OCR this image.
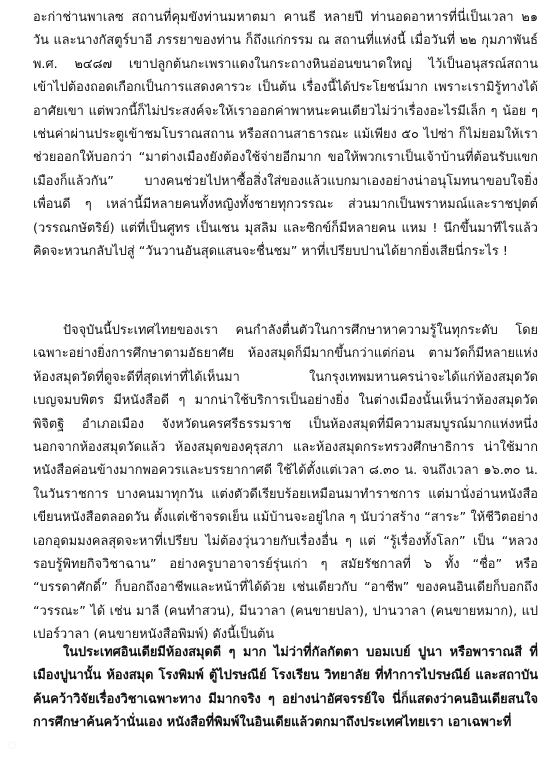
อะก่าช่านพาเลซ สถานที่คุมขังท่านมหาตมา คานธี หลายปี ท่านอดอาหารที่นี่เป็นเวลา ๒๑ วัน และนางกัสตูร์บาอี ภรรยาของท่าน ก็ถึงแก่กรรม ณ สถานที่แห่งนี้ เมื่อวันที่ ๒๒ กุมภาพันธ์ พ.ศ. ๒๔๘๗ เขาปลูกต้นกะเพราแดงในกระถางหินอ่อนขนาดใหญ่ ไว้เป็นอนุสรณ์สถาน เข้าไปต้องถอดเกือกเป็นการแสดงคารวะ เป็นต้น เรื่องนี้ได้ประโยชน์มาก เพราะเรามิรู้ทางได้อาศัยเขา แต่พวกนี้ก็ไม่ประสงค์จะให้เราออกค่าพาหนะคนเดียวไม่ว่าเรื่องอะไรมีเล็ก ๆ น้อย ๆ เช่นค่าผ่านประตูเข้าชมโบราณสถาน หรือสถานสาธารณะ แม้เพียง ๕๐ ไปซ่า ก็ไม่ยอมให้เราช่วยออกให้บอกว่า “มาต่างเมืองยังต้องใช้จ่ายอีกมาก ขอให้พวกเราเป็นเจ้าบ้านที่ต้อนรับแขกเมืองก็แล้วกัน” บางคนช่วยไปหาซื้อสิ่งใส่ของแล้วแบกมาเองอย่างน่าอนุโมทนาขอบใจยิ่ง เพื่อนดี ๆ เหล่านี้มีหลายคนทั้งหญิงทั้งชายทุกวรรณะ ส่วนมากเป็นพราหมณ์และราชปุตต์ (วรรณกษัตริย์) แต่ที่เป็นศูทร เป็นเชน มุสลิม และซิกข์ก็มีหลายคน แหม ! นึกขึ้นมาทีไรแล้วคิดจะหวนกลับไปสู่ “วันวานอันสุดแสนจะชื่นชม” หาที่เปรียบปานได้ยากยิ่งเสียนี่กระไร !

ปัจจุบันนี้ประเทศไทยของเรา คนกำลังตื่นตัวในการศึกษาหาความรู้ในทุกระดับ โดยเฉพาะอย่างยิ่งการศึกษาตามอัธยาศัย ห้องสมุดก็มีมากขึ้นกว่าแต่ก่อน ตามวัดก็มีหลายแห่ง ห้องสมุดวัดที่ดูจะดีที่สุดเท่าที่ได้เห็นมา ในกรุงเทพมหานครน่าจะได้แก่ห้องสมุดวัดเบญจมบพิตร มีหนังสือดี ๆ มากน่าใช้บริการเป็นอย่างยิ่ง ในต่างเมืองนั้นเห็นว่าห้องสมุดวัดพิจิตฐิ อำเภอเมือง จังหวัดนครศรีธรรมราช เป็นห้องสมุดที่มีความสมบูรณ์มากแห่งหนึ่ง นอกจากห้องสมุดวัดแล้ว ห้องสมุดของคุรุสภา และห้องสมุดกระทรวงศึกษาธิการ น่าใช้มาก หนังสือค่อนข้างมากพอควรและบรรยากาศดี ใช้ได้ตั้งแต่เวลา ๘.๓๐ น. จนถึงเวลา ๑๖.๓๐ น. ในวันราชการ บางคนมาทุกวัน แต่งตัวดีเรียบร้อยเหมือนมาทำราชการ แต่มานั่งอ่านหนังสือเขียนหนังสือตลอดวัน ตั้งแต่เช้าจรดเย็น แม้บ้านจะอยู่ไกล ๆ นับว่าสร้าง “สาระ” ให้ชีวิตอย่างเอกอุดมมงคลสุดจะหาที่เปรียบ ไม่ต้องวุ่นวายกับเรื่องอื่น ๆ แต่ “รู้เรื่องทั้งโลก” เป็น “หลวงรอบรู้พิทยกิจวิชาฉาน” อย่างครูบาอาจารย์รุ่นเก่า ๆ สมัยรัชกาลที่ ๖ ทั้ง “ชื่อ” หรือ “บรรดาศักดิ์” ก็บอกถึงอาชีพและหน้าที่ได้ด้วย เช่นเดียวกับ “อาชีพ” ของคนอินเดียก็บอกถึง “วรรณะ” ได้ เช่น มาลี (คนทำสวน), มีนวาลา (คนขายปลา), ปานวาลา (คนขายหมาก), แปเปอร์วาลา (คนขายหนังสือพิมพ์) ดังนี้เป็นต้น

ในประเทศอินเดียมีห้องสมุดดี ๆ มาก ไม่ว่าที่กัลกัตตา บอมเบย์ ปูนา หรือพาราณสี ที่เมืองปูนานั้น ห้องสมุด โรงพิมพ์ ตู้ไปรษณีย์ โรงเรียน วิทยาลัย ที่ทำการไปรษณีย์ และสถาบันค้นคว้าวิจัยเรื่องวิชาเฉพาะทาง มีมากจริง ๆ อย่างน่าอัศจรรย์ใจ นี่ก็แสดงว่าคนอินเดียสนใจการศึกษาค้นคว้านั่นเอง หนังสือที่พิมพ์ในอินเดียแล้วตกมาถึงประเทศไทยเรา เอาเฉพาะที่

◌
